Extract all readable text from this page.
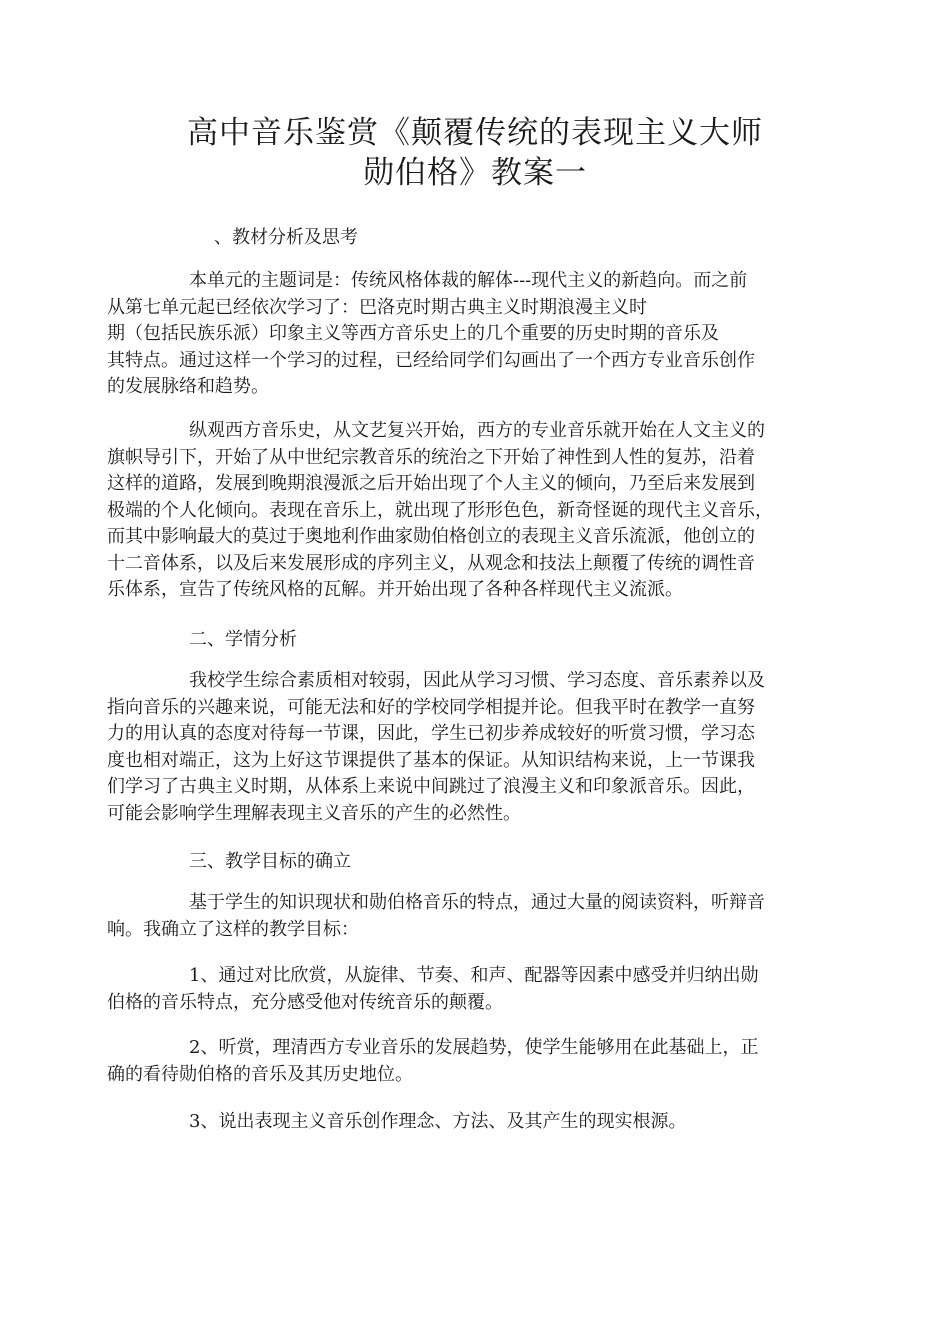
高中音乐鉴赏《颠覆传统的表现主义大师
勋伯格》教案一

、教材分析及思考

本单元的主题词是：传统风格体裁的解体---现代主义的新趋向。而之前
从第七单元起已经依次学习了：巴洛克时期古典主义时期浪漫主义时
期（包括民族乐派）印象主义等西方音乐史上的几个重要的历史时期的音乐及
其特点。通过这样一个学习的过程，已经给同学们勾画出了一个西方专业音乐创作
的发展脉络和趋势。
纵观西方音乐史，从文艺复兴开始，西方的专业音乐就开始在人文主义的
旗帜导引下，开始了从中世纪宗教音乐的统治之下开始了神性到人性的复苏，沿着
这样的道路，发展到晚期浪漫派之后开始出现了个人主义的倾向，乃至后来发展到
极端的个人化倾向。表现在音乐上，就出现了形形色色，新奇怪诞的现代主义音乐，
而其中影响最大的莫过于奥地利作曲家勋伯格创立的表现主义音乐流派，他创立的
十二音体系，以及后来发展形成的序列主义，从观念和技法上颠覆了传统的调性音
乐体系，宣告了传统风格的瓦解。并开始出现了各种各样现代主义流派。

二、学情分析

我校学生综合素质相对较弱，因此从学习习惯、学习态度、音乐素养以及
指向音乐的兴趣来说，可能无法和好的学校同学相提并论。但我平时在教学一直努
力的用认真的态度对待每一节课，因此，学生已初步养成较好的听赏习惯，学习态
度也相对端正，这为上好这节课提供了基本的保证。从知识结构来说，上一节课我
们学习了古典主义时期，从体系上来说中间跳过了浪漫主义和印象派音乐。因此，
可能会影响学生理解表现主义音乐的产生的必然性。

三、教学目标的确立

基于学生的知识现状和勋伯格音乐的特点，通过大量的阅读资料，听辩音
响。我确立了这样的教学目标：
1、通过对比欣赏，从旋律、节奏、和声、配器等因素中感受并归纳出勋
伯格的音乐特点，充分感受他对传统音乐的颠覆。
2、听赏，理清西方专业音乐的发展趋势，使学生能够用在此基础上，正
确的看待勋伯格的音乐及其历史地位。
3、说出表现主义音乐创作理念、方法、及其产生的现实根源。
